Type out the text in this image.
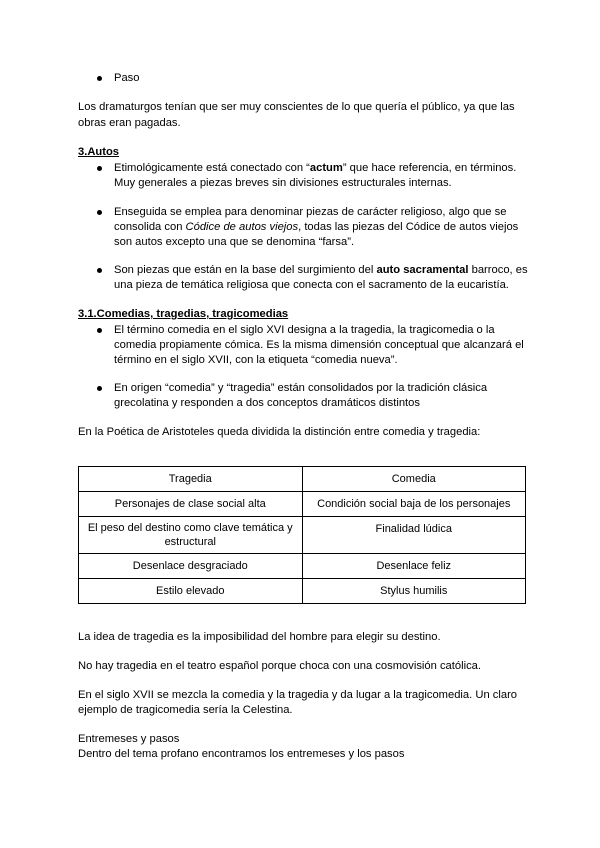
Paso
Los dramaturgos tenían que ser muy conscientes de lo que quería el público, ya que las
obras eran pagadas.
3.Autos
Etimológicamente está conectado con “actum” que hace referencia, en términos.
Muy generales a piezas breves sin divisiones estructurales internas.
Enseguida se emplea para denominar piezas de carácter religioso, algo que se
consolida con Códice de autos viejos, todas las piezas del Códice de autos viejos
son autos excepto una que se denomina “farsa”.
Son piezas que están en la base del surgimiento del auto sacramental barroco, es
una pieza de temática religiosa que conecta con el sacramento de la eucaristía.
3.1.Comedias, tragedias, tragicomedias
El término comedia en el siglo XVI designa a la tragedia, la tragicomedia o la
comedia propiamente cómica. Es la misma dimensión conceptual que alcanzará el
término en el siglo XVII, con la etiqueta “comedia nueva”.
En origen “comedia” y “tragedia” están consolidados por la tradición clásica
grecolatina y responden a dos conceptos dramáticos distintos
En la Poética de Aristoteles queda dividida la distinción entre comedia y tragedia:
Tragedia	Comedia
Personajes de clase social alta	Condición social baja de los personajes
El peso del destino como clave temática y estructural	Finalidad lúdica
Desenlace desgraciado	Desenlace feliz
Estilo elevado	Stylus humilis
La idea de tragedia es la imposibilidad del hombre para elegir su destino.
No hay tragedia en el teatro español porque choca con una cosmovisión católica.
En el siglo XVII se mezcla la comedia y la tragedia y da lugar a la tragicomedia. Un claro
ejemplo de tragicomedia sería la Celestina.
Entremeses y pasos
Dentro del tema profano encontramos los entremeses y los pasos
